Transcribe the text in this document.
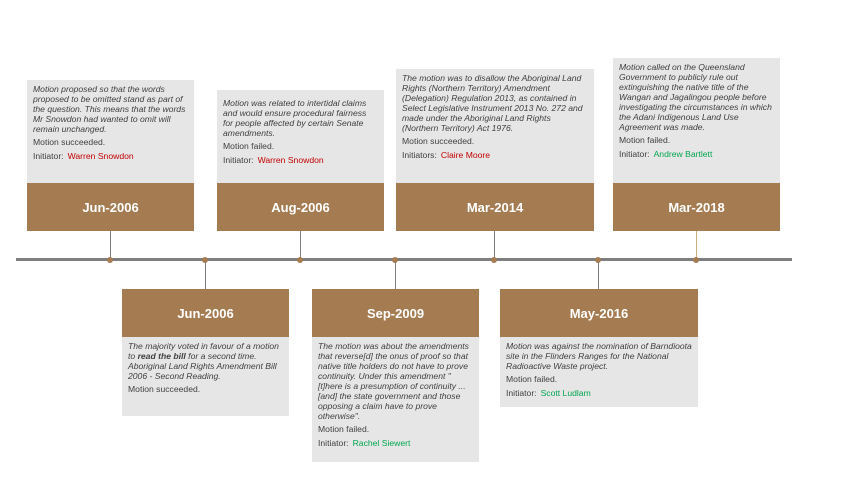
Motion proposed so that the words proposed to be omitted stand as part of the question. This means that the words Mr Snowdon had wanted to omit will remain unchanged.
Motion succeeded.
Initiator: Warren Snowdon
Jun-2006
Jun-2006
The majority voted in favour of a motion to read the bill for a second time. Aboriginal Land Rights Amendment Bill 2006 - Second Reading.
Motion succeeded.
Motion was related to intertidal claims and would ensure procedural fairness for people affected by certain Senate amendments.
Motion failed.
Initiator: Warren Snowdon
Aug-2006
Sep-2009
The motion was about the amendments that reverse[d] the onus of proof so that native title holders do not have to prove continuity. Under this amendment "[t]here is a presumption of continuity ... [and] the state government and those opposing a claim have to prove otherwise".
Motion failed.
Initiator: Rachel Siewert
The motion was to disallow the Aboriginal Land Rights (Northern Territory) Amendment (Delegation) Regulation 2013, as contained in Select Legislative Instrument 2013 No. 272 and made under the Aboriginal Land Rights (Northern Territory) Act 1976.
Motion succeeded.
Initiators: Claire Moore
Mar-2014
May-2016
Motion was against the nomination of Barndioota site in the Flinders Ranges for the National Radioactive Waste project.
Motion failed.
Initiator: Scott Ludlam
Motion called on the Queensland Government to publicly rule out extinguishing the native title of the Wangan and Jagalingou people before investigating the circumstances in which the Adani Indigenous Land Use Agreement was made.
Motion failed.
Initiator: Andrew Bartlett
Mar-2018
